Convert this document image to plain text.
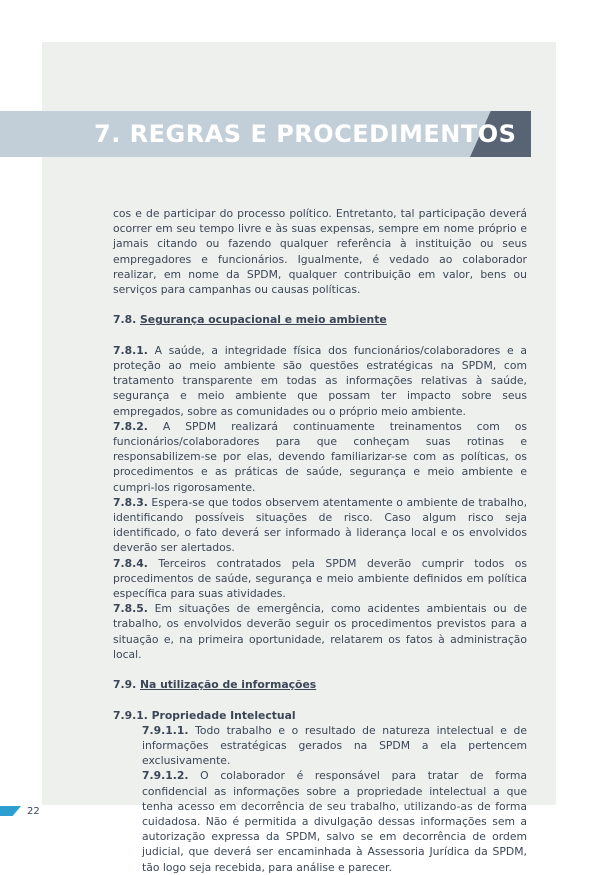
7. REGRAS E PROCEDIMENTOS

cos e de participar do processo político. Entretanto, tal participação deverá ocorrer em seu tempo livre e às suas expensas, sempre em nome próprio e jamais citando ou fazendo qualquer referência à instituição ou seus empregadores e funcionários. Igualmente, é vedado ao colaborador realizar, em nome da SPDM, qualquer contribuição em valor, bens ou serviços para campanhas ou causas políticas.

7.8. Segurança ocupacional e meio ambiente

7.8.1. A saúde, a integridade física dos funcionários/colaboradores e a proteção ao meio ambiente são questões estratégicas na SPDM, com tratamento transparente em todas as informações relativas à saúde, segurança e meio ambiente que possam ter impacto sobre seus empregados, sobre as comunidades ou o próprio meio ambiente.

7.8.2. A SPDM realizará continuamente treinamentos com os funcionários/colaboradores para que conheçam suas rotinas e responsabilizem-se por elas, devendo familiarizar-se com as políticas, os procedimentos e as práticas de saúde, segurança e meio ambiente e cumpri-los rigorosamente.

7.8.3. Espera-se que todos observem atentamente o ambiente de trabalho, identificando possíveis situações de risco. Caso algum risco seja identificado, o fato deverá ser informado à liderança local e os envolvidos deverão ser alertados.

7.8.4. Terceiros contratados pela SPDM deverão cumprir todos os procedimentos de saúde, segurança e meio ambiente definidos em política específica para suas atividades.

7.8.5. Em situações de emergência, como acidentes ambientais ou de trabalho, os envolvidos deverão seguir os procedimentos previstos para a situação e, na primeira oportunidade, relatarem os fatos à administração local.

7.9. Na utilização de informações

7.9.1. Propriedade Intelectual

7.9.1.1. Todo trabalho e o resultado de natureza intelectual e de informações estratégicas gerados na SPDM a ela pertencem exclusivamente.

7.9.1.2. O colaborador é responsável para tratar de forma confidencial as informações sobre a propriedade intelectual a que tenha acesso em decorrência de seu trabalho, utilizando-as de forma cuidadosa. Não é permitida a divulgação dessas informações sem a autorização expressa da SPDM, salvo se em decorrência de ordem judicial, que deverá ser encaminhada à Assessoria Jurídica da SPDM, tão logo seja recebida, para análise e parecer.

22
